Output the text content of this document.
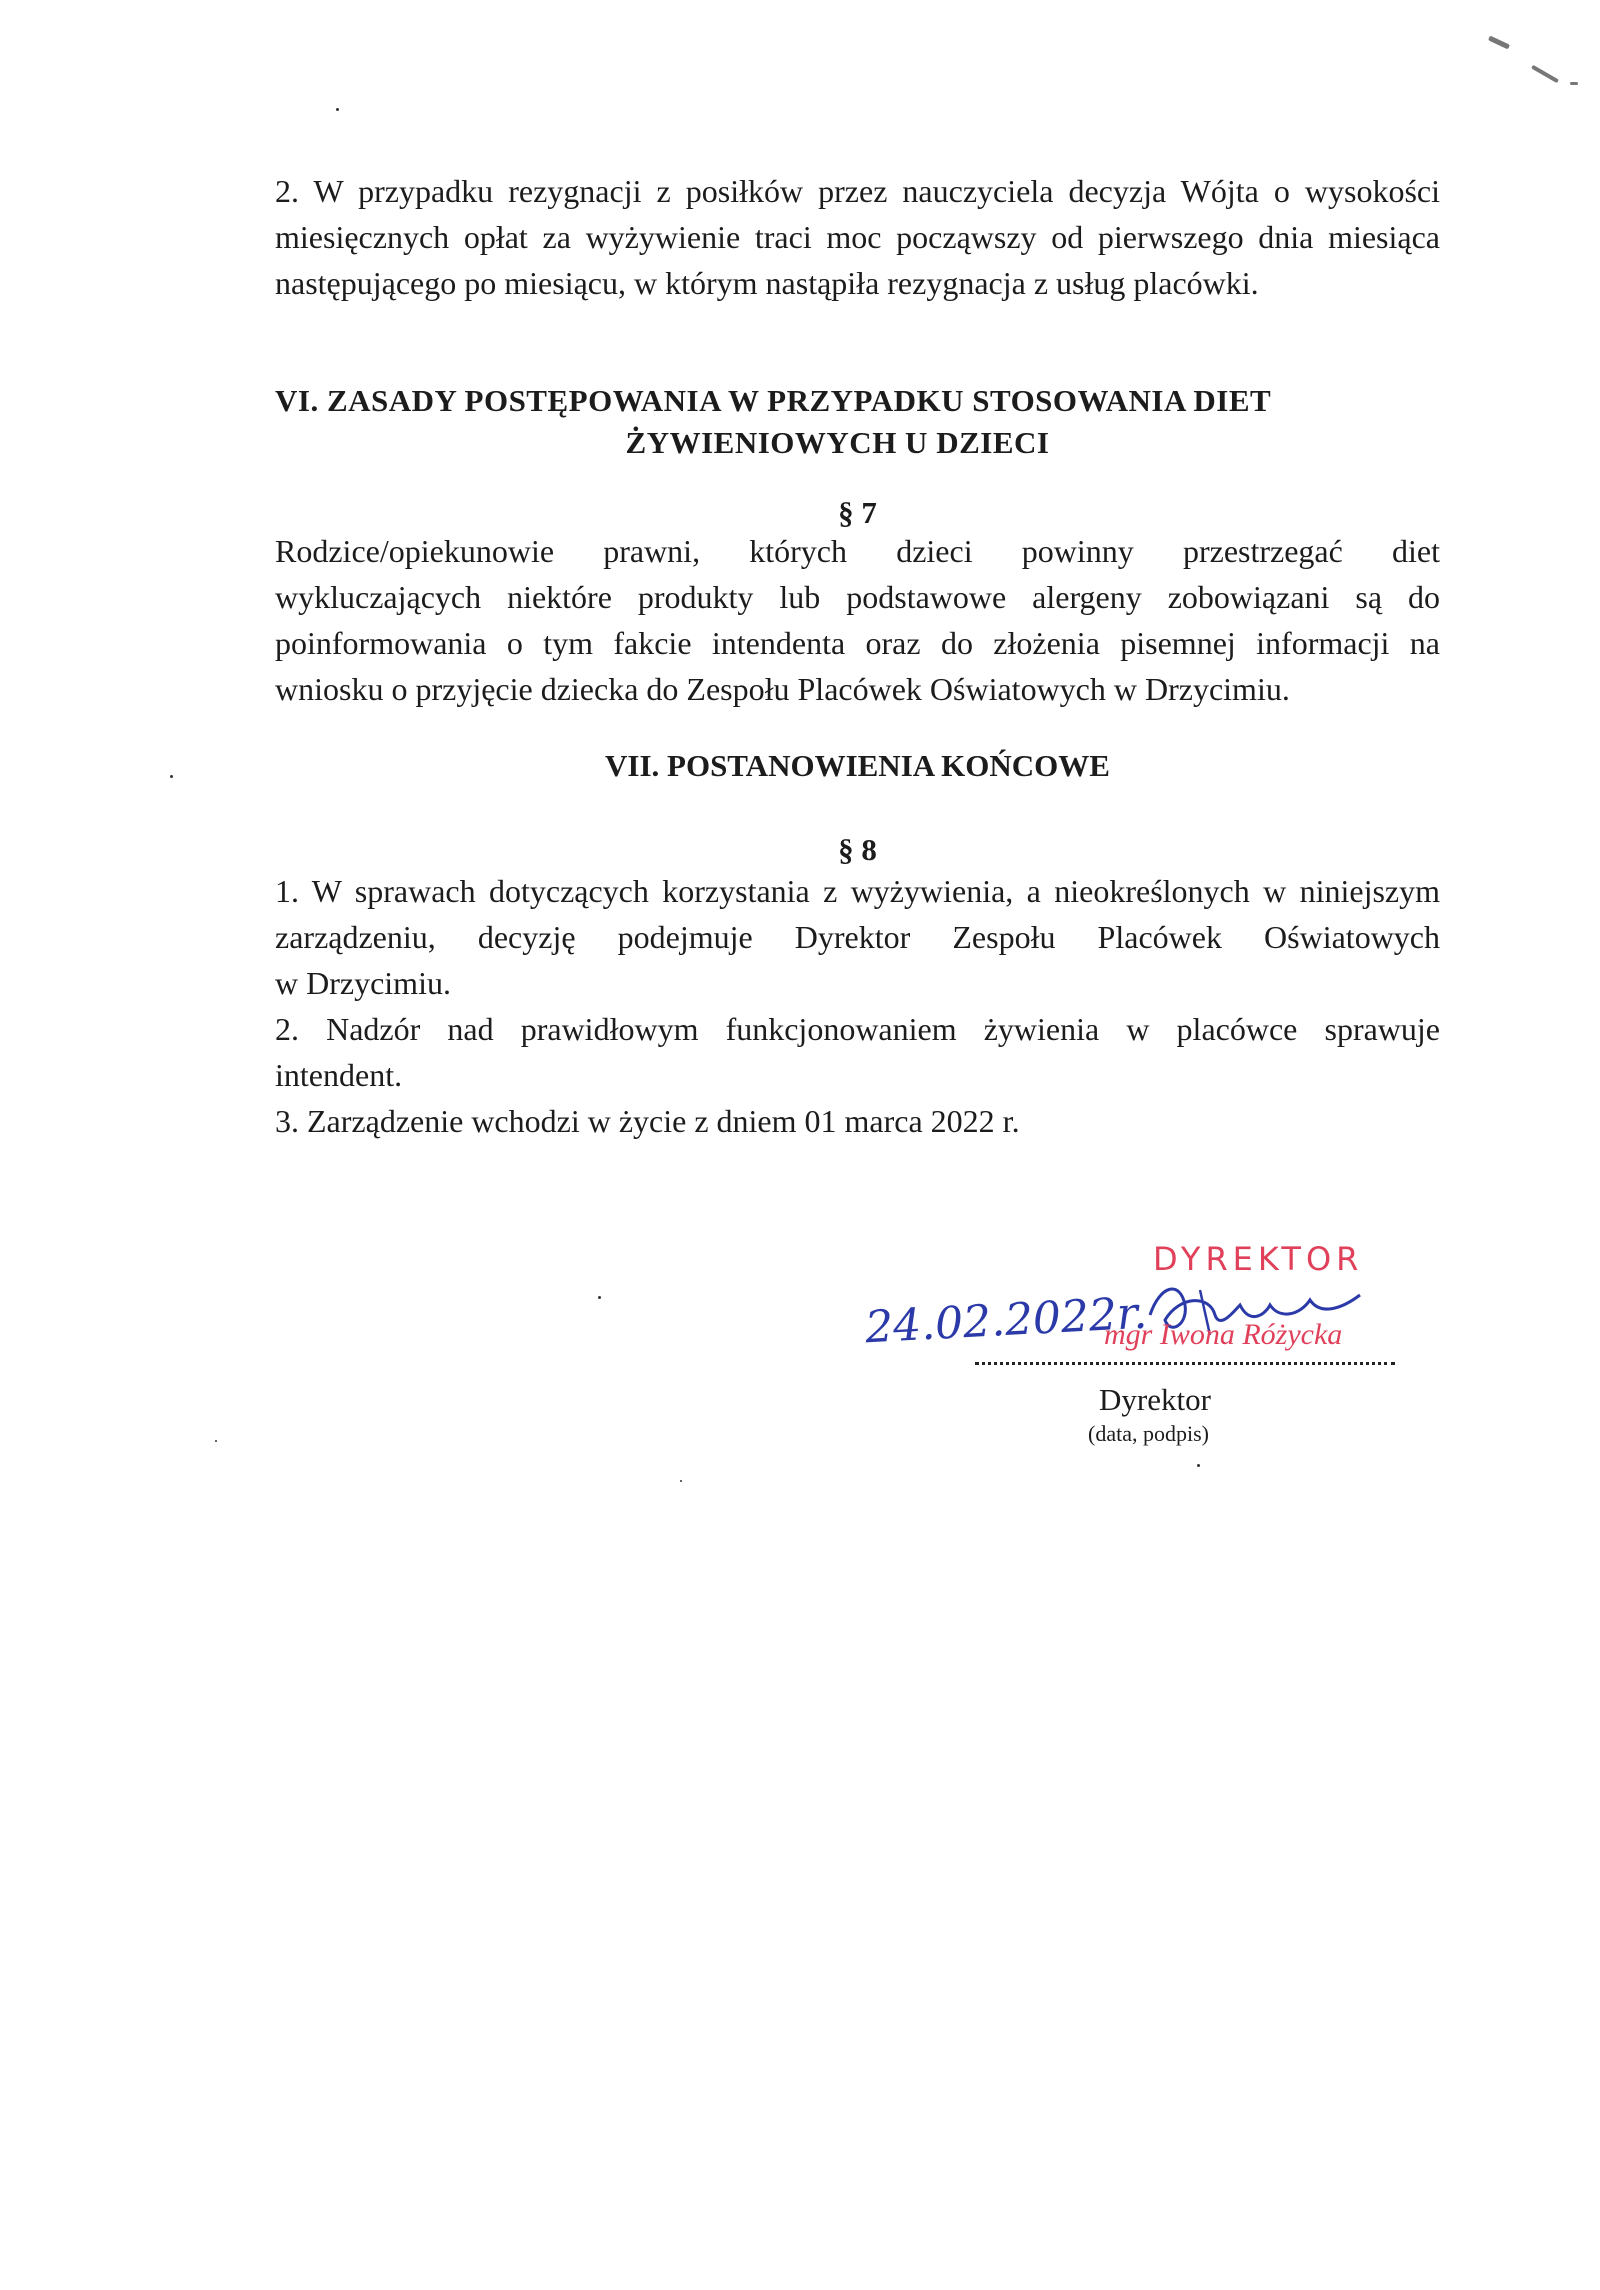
2. W przypadku rezygnacji z posiłków przez nauczyciela decyzja Wójta o wysokości
miesięcznych opłat za wyżywienie traci moc począwszy od pierwszego dnia miesiąca
następującego po miesiącu, w którym nastąpiła rezygnacja z usług placówki.
VI. ZASADY POSTĘPOWANIA W PRZYPADKU STOSOWANIA DIET
ŻYWIENIOWYCH U DZIECI
§ 7
Rodzice/opiekunowie prawni, których dzieci powinny przestrzegać diet
wykluczających niektóre produkty lub podstawowe alergeny zobowiązani są do
poinformowania o tym fakcie intendenta oraz do złożenia pisemnej informacji na
wniosku o przyjęcie dziecka do Zespołu Placówek Oświatowych w Drzycimiu.
VII. POSTANOWIENIA KOŃCOWE
§ 8
1. W sprawach dotyczących korzystania z wyżywienia, a nieokreślonych w niniejszym
zarządzeniu, decyzję podejmuje Dyrektor Zespołu Placówek Oświatowych
w Drzycimiu.
2. Nadzór nad prawidłowym funkcjonowaniem żywienia w placówce sprawuje
intendent.
3. Zarządzenie wchodzi w życie z dniem 01 marca 2022 r.
DYREKTOR
24.02.2022r.
mgr Iwona Różycka
Dyrektor
(data, podpis)
